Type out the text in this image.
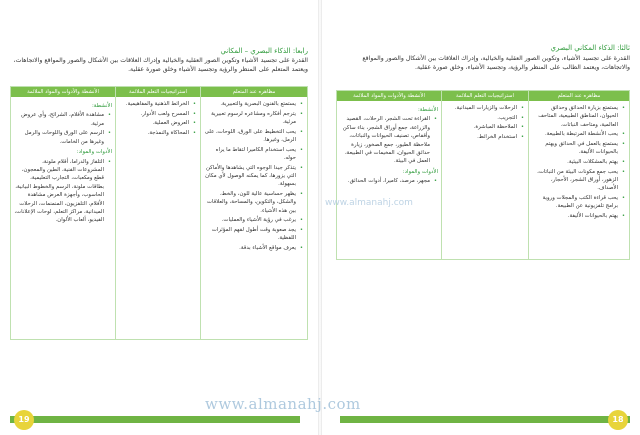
رابعا: الذكاء البصري – المكاني
القدرة على تجسيد الأشياء وتكوين الصور العقلية والخيالية وإدراك العلاقات بين الأشكال والصور والمواقع والاتجاهات، ويعتمد المتعلم على المنظر والرؤية وتجسيد الأشياء وخلق صورة عقلية.
مظاهره عند المتعلم
• يستمتع بالفنون البصرية والتعبيرية.
• يترجم أفكاره ومشاعره لرسوم تعبيرية مرئية.
• يحب التخطيط على الورق، اللوحات، على الرمل، وغيرها.
• يحب استخدام الكاميرا لتقاط ما يراه حوله.
• يتذكر جيدا الوجوه التي يشاهدها والأماكن التي يزورها، كما يمكنه الوصول لأي مكان بسهولة.
• يظهر حساسية عالية للون، والخط، والشكل، والتكوين، والمساحة، والعلاقات بين هذه الأشياء.
• يرغب في رؤية الأشياء والعمليات.
• يجد صعوبة وقت أطول لفهم المؤثرات اللفظية.
• يعرف مواقع الأشياء بدقة.
استراتيجيات التعلم الملائمة
• الخرائط الذهنية والمفاهيمية.
• المسرح ولعب الأدوار.
• العروض العملية.
• المحاكاة والنمذجة.
الأنشطة والأدوات والمواد الملائمة
الأنشطة:
• مشاهدة الأفلام، الشرائح، وأي عروض مرئية.
• الرسم على الورق واللوحات والرمل وغيرها من الخامات.
الأدوات والمواد:
• التلفاز والدراما، أقلام ملونة، المشروعات الفنية، الطين والمعجون، قطع ومكعبات، التجارب التعليمية، بطاقات ملونة، الرسم والخطوط البيانية، الحاسوب، وأجهزة العرض مشاهدة الأفلام، التلفزيون، المنمنمات، الرحلات الميدانية، مراكز التعلم، لوحات الإعلانات، الفيديو، ألعاب الألوان.
19
ثالثا: الذكاء المكاني البصري
القدرة على تجسيد الأشياء، وتكوين الصور العقلية والخيالية، وإدراك العلاقات بين الأشكال والصور والمواقع والاتجاهات، ويعتمد الطالب على المنظر والرؤية، وتجسيد الأشياء، وخلق صورة عقلية.
مظاهره عند المتعلم
• يستمتع بزيارة الحدائق وحدائق الحيوان، المناطق الطبيعية، المتاحف العالمية، ومتاحف النباتات.
• يحب الأنشطة المرتبطة بالطبيعة.
• يستمتع بالعمل في الحدائق ويهتم بالحيوانات الأليفة.
• يهتم بالمشكلات البيئية.
• يحب جمع مكونات البيئة من النباتات، الزهور، أوراق الشجر، الأحجار، الأصداف.
• يحب قراءة الكتب والمجلات وروية برامج تلفزيونية عن الطبيعة.
• يهتم بالحيوانات الأليفة.
استراتيجيات التعلم الملائمة
• الرحلات والزيارات الميدانية.
• التجريب.
• الملاحظة المباشرة.
• استخدام الخرائط.
الأنشطة والأدوات والمواد الملائمة
الأنشطة:
• القراءة تحت الشجر، الرحلات، القصيد والزراعة، جمع أوراق الشجر، بناء ساكن وأقفاص، تصنيف الحيوانات والنباتات، ملاحظة الطيور، جمع الصخور، زيارة حدائق الحيوان، المخيمات في الطبيعة، العمل في البيئة.
الأدوات والمواد:
• مجهر، مرصد، كاميرا، أدوات الحدائق.
18
www.almanahj.com
www.almanahj.com
